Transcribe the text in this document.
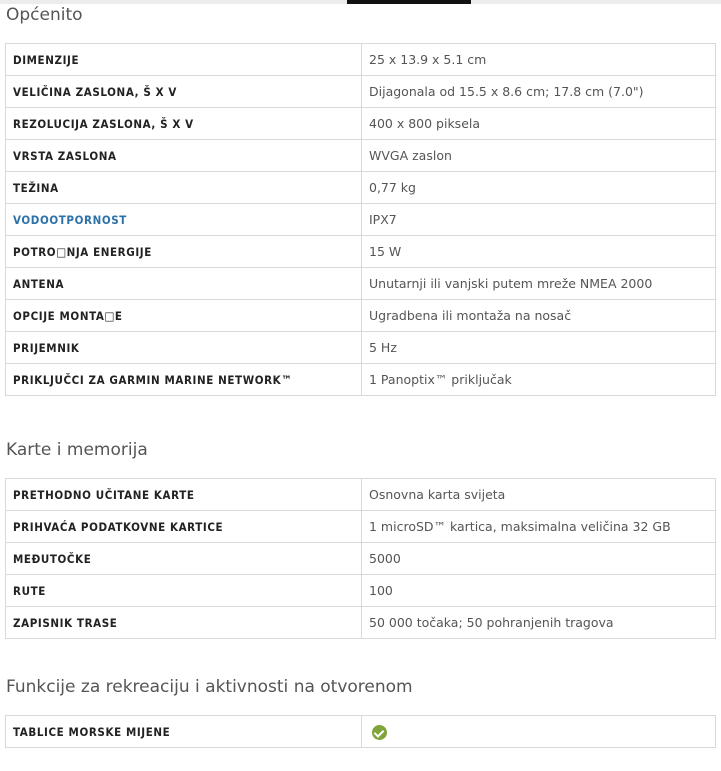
Općenito
DIMENZIJE	25 x 13.9 x 5.1 cm
VELIČINA ZASLONA, Š X V	Dijagonala od 15.5 x 8.6 cm; 17.8 cm (7.0")
REZOLUCIJA ZASLONA, Š X V	400 x 800 piksela
VRSTA ZASLONA	WVGA zaslon
TEŽINA	0,77 kg
VODOOTPORNOST	IPX7
POTRO□NJA ENERGIJE	15 W
ANTENA	Unutarnji ili vanjski putem mreže NMEA 2000
OPCIJE MONTA□E	Ugradbena ili montaža na nosač
PRIJEMNIK	5 Hz
PRIKLJUČCI ZA GARMIN MARINE NETWORK™	1 Panoptix™ priključak
Karte i memorija
PRETHODNO UČITANE KARTE	Osnovna karta svijeta
PRIHVAĆA PODATKOVNE KARTICE	1 microSD™ kartica, maksimalna veličina 32 GB
MEĐUTOČKE	5000
RUTE	100
ZAPISNIK TRASE	50 000 točaka; 50 pohranjenih tragova
Funkcije za rekreaciju i aktivnosti na otvorenom
TABLICE MORSKE MIJENE	
